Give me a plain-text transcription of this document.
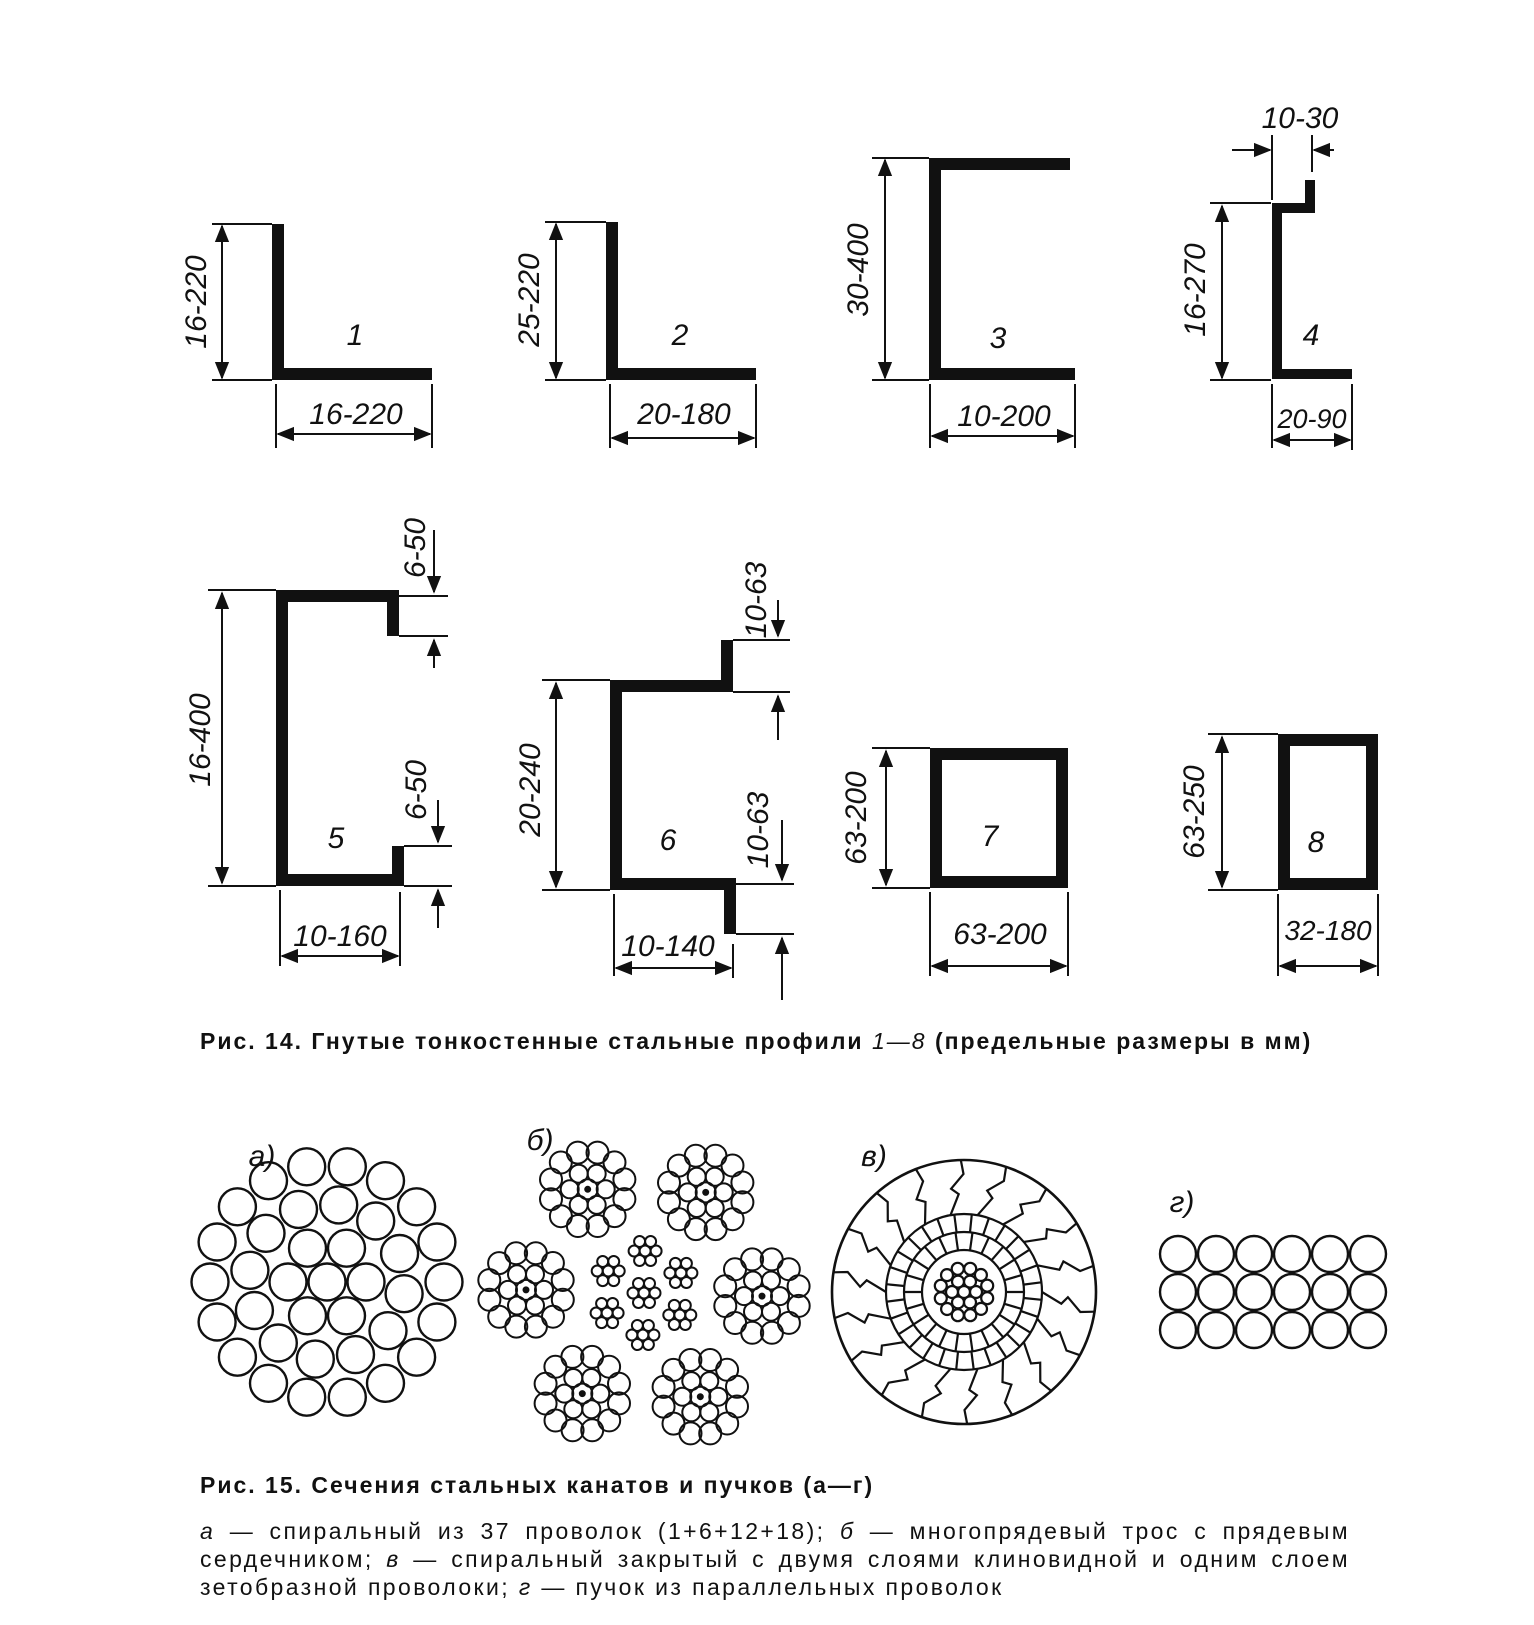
16-220
16-220
1	25-220
20-180
2
30-400
10-200
3
10-30
16-270
20-90
4
16-400
6-50
6-50
10-160
5
20-240
10-63
10-63
10-140
6	63-200
63-200
7	63-250
32-180
8
а)	б)	в)
г)
Рис. 14. Гнутые тонкостенные стальные профили 1—8 (предельные размеры в мм)
Рис. 15. Сечения стальных канатов и пучков (а—г)
а — спиральный из 37 проволок (1+6+12+18); б — многопрядевый трос с прядевым сердечником; в — спиральный закрытый с двумя слоями клиновидной и одним слоем зетобразной проволоки; г — пучок из параллельных проволок
